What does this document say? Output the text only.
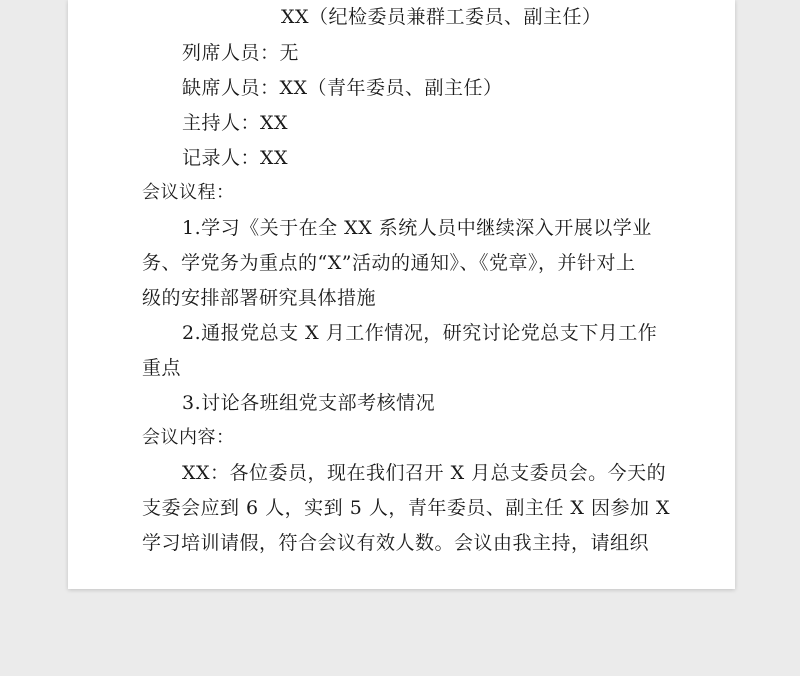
XX（纪检委员兼群工委员、副主任）
列席人员：无
缺席人员：XX（青年委员、副主任）
主持人：XX
记录人：XX
会议议程：
1.学习《关于在全 XX 系统人员中继续深入开展以学业
务、学党务为重点的“X”活动的通知》、《党章》，并针对上
级的安排部署研究具体措施
2.通报党总支 X 月工作情况，研究讨论党总支下月工作
重点
3.讨论各班组党支部考核情况
会议内容：
XX：各位委员，现在我们召开 X 月总支委员会。今天的
支委会应到 6 人，实到 5 人，青年委员、副主任 X 因参加 X
学习培训请假，符合会议有效人数。会议由我主持，请组织
